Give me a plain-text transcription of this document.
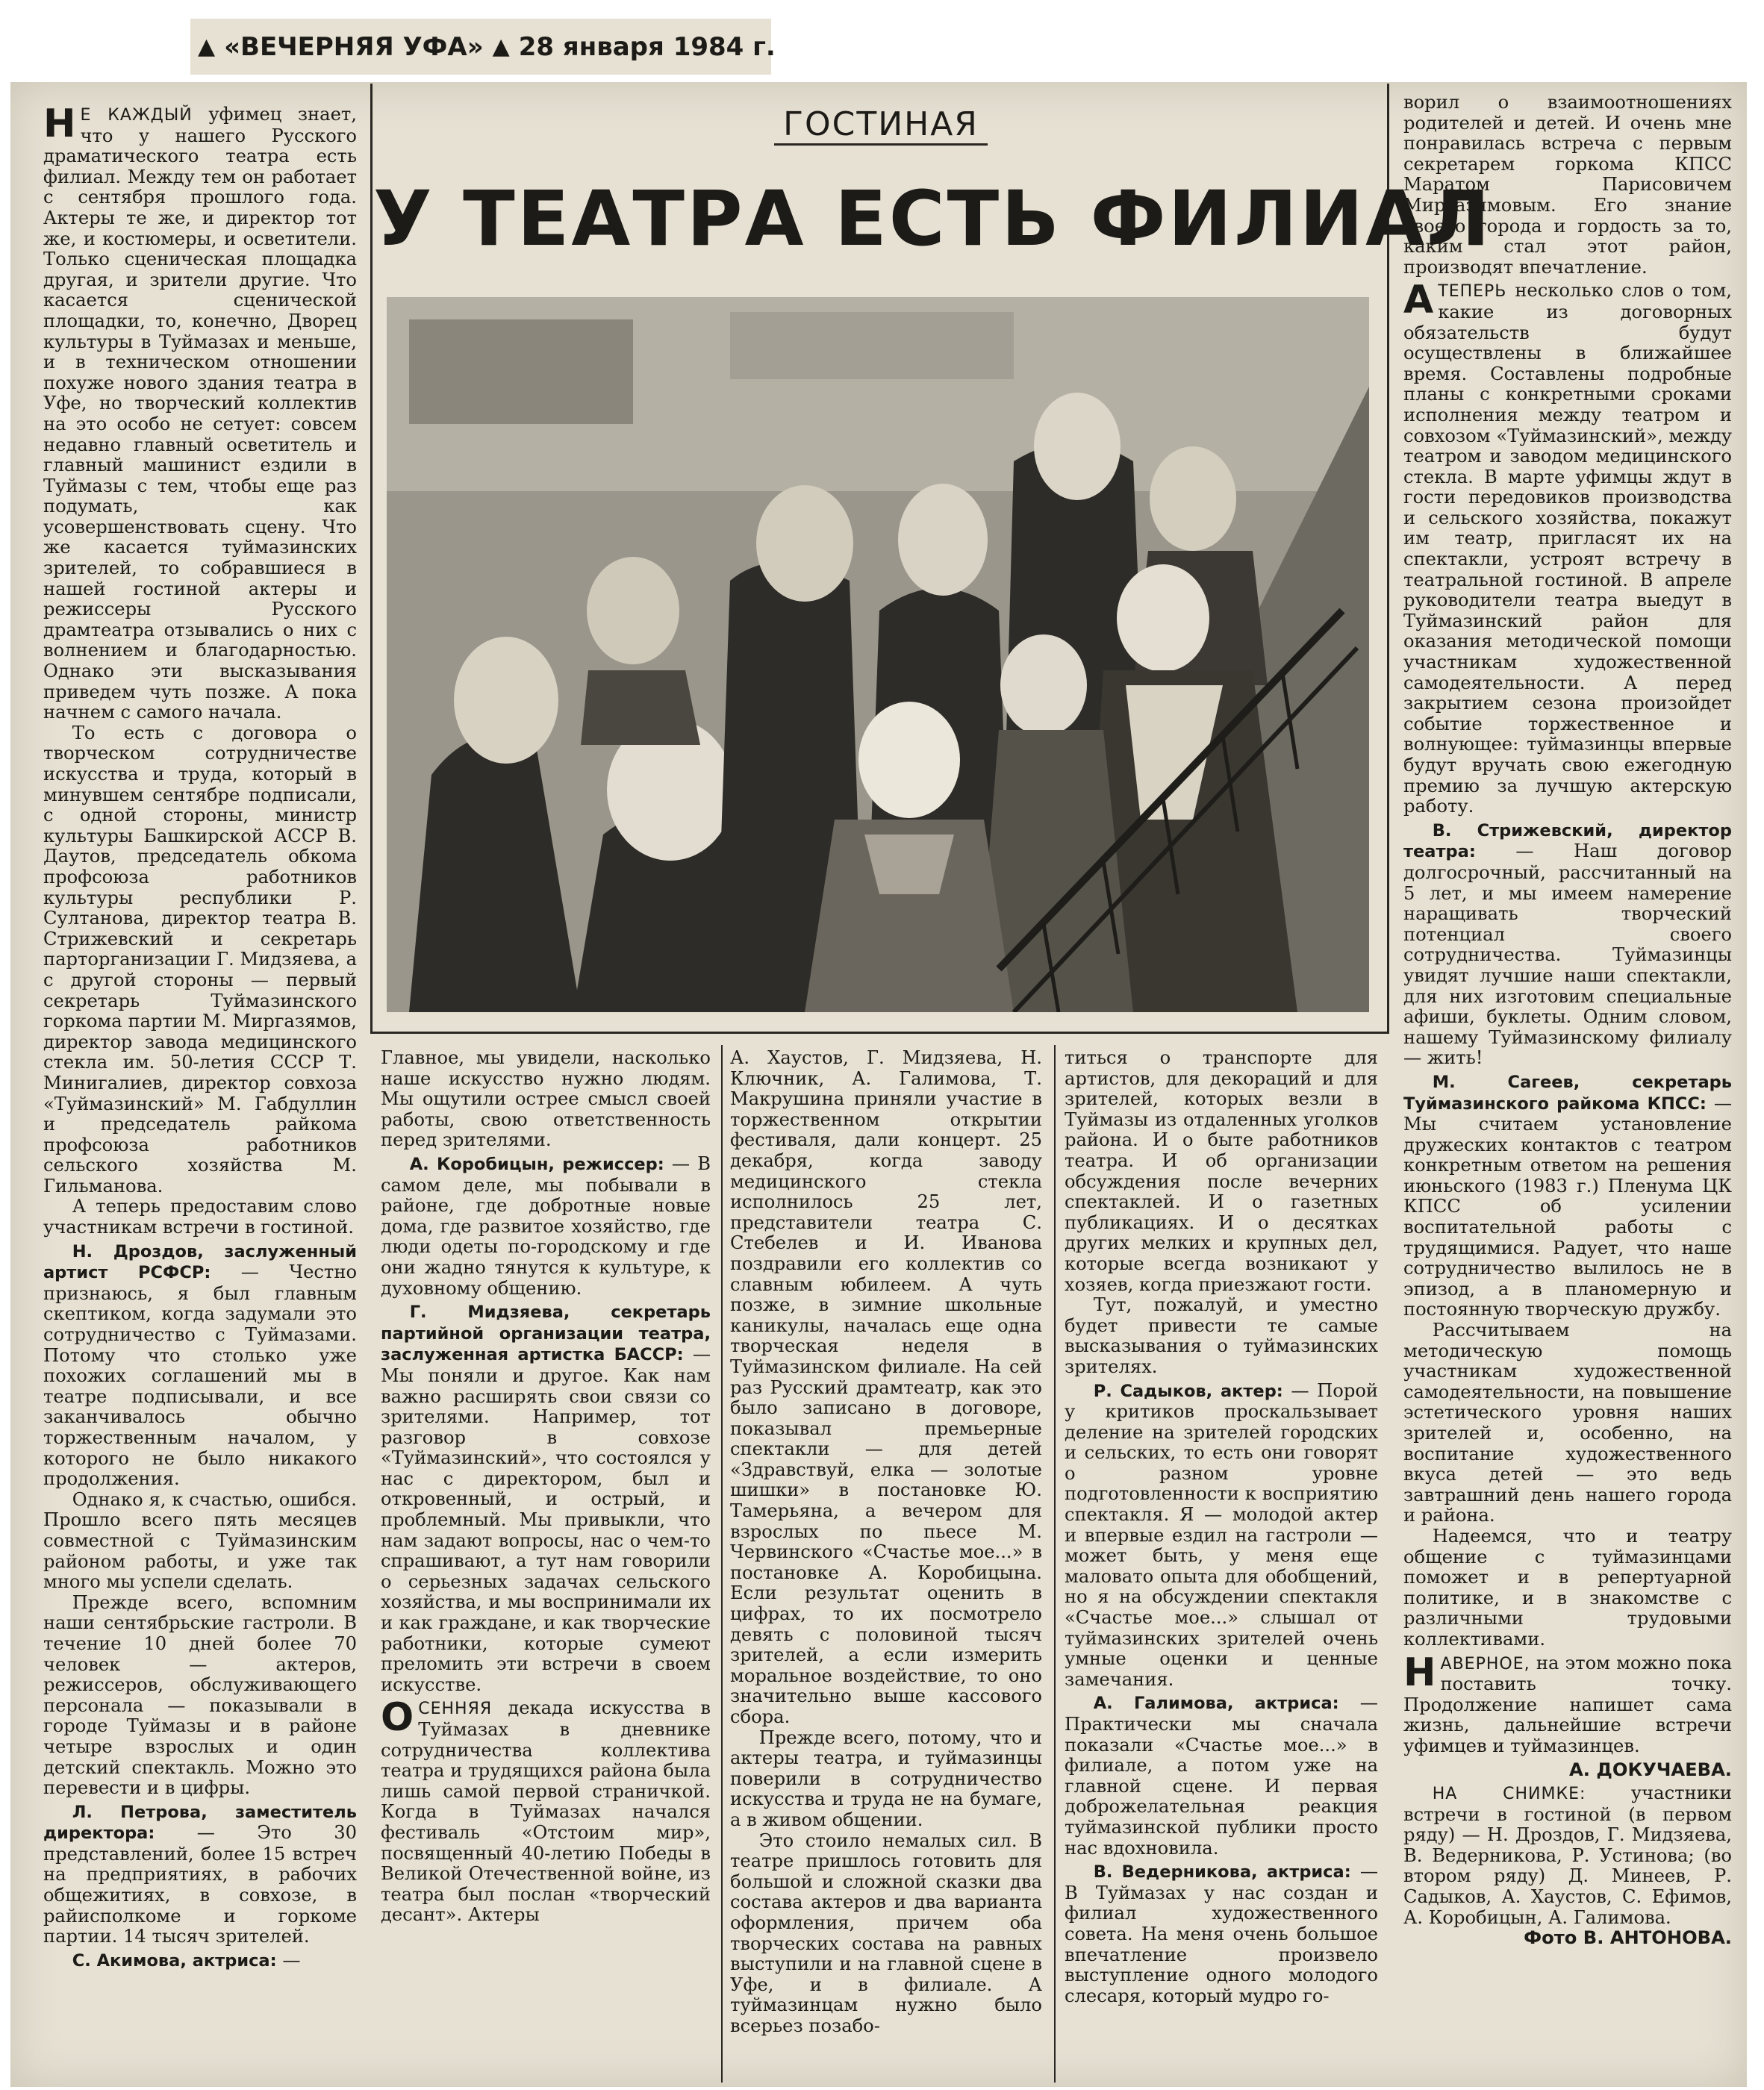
▲ «ВЕЧЕРНЯЯ УФА» ▲ 28 января 1984 г.
ГОСТИНАЯ
У ТЕАТРА ЕСТЬ ФИЛИАЛ

Н Е КАЖДЫЙ уфимец знает, что у нашего Русского драматического театра есть филиал. Между тем он работает с сентября прошлого года. Актеры те же, и директор тот же, и костюмеры, и осветители. Только сценическая площадка другая, и зрители другие. Что касается сценической площадки, то, конечно, Дворец культуры в Туймазах и меньше, и в техническом отношении похуже нового здания театра в Уфе, но творческий коллектив на это особо не сетует: совсем недавно главный осветитель и главный машинист ездили в Туймазы с тем, чтобы еще раз подумать, как усовершенствовать сцену. Что же касается туймазинских зрителей, то собравшиеся в нашей гостиной актеры и режиссеры Русского драмтеатра отзывались о них с волнением и благодарностью. Однако эти высказывания приведем чуть позже. А пока начнем с самого начала.

То есть с договора о творческом сотрудничестве искусства и труда, который в минувшем сентябре подписали, с одной стороны, министр культуры Башкирской АССР В. Даутов, председатель обкома профсоюза работников культуры республики Р. Султанова, директор театра В. Стрижевский и секретарь парторганизации Г. Мидзяева, а с другой стороны — первый секретарь Туймазинского горкома партии М. Миргазямов, директор завода медицинского стекла им. 50-летия СССР Т. Минигалиев, директор совхоза «Туймазинский» М. Габдуллин и председатель райкома профсоюза работников сельского хозяйства М. Гильманова.

А теперь предоставим слово участникам встречи в гостиной.

Н. Дроздов, заслуженный артист РСФСР: — Честно признаюсь, я был главным скептиком, когда задумали это сотрудничество с Туймазами. Потому что столько уже похожих соглашений мы в театре подписывали, и все заканчивалось обычно торжественным началом, у которого не было никакого продолжения.

Однако я, к счастью, ошибся. Прошло всего пять месяцев совместной с Туймазинским районом работы, и уже так много мы успели сделать.

Прежде всего, вспомним наши сентябрьские гастроли. В течение 10 дней более 70 человек — актеров, режиссеров, обслуживающего персонала — показывали в городе Туймазы и в районе четыре взрослых и один детский спектакль. Можно это перевести и в цифры.

Л. Петрова, заместитель директора: — Это 30 представлений, более 15 встреч на предприятиях, в рабочих общежитиях, в совхозе, в райисполкоме и горкоме партии. 14 тысяч зрителей.

С. Акимова, актриса: —

Главное, мы увидели, насколько наше искусство нужно людям. Мы ощутили острее смысл своей работы, свою ответственность перед зрителями.

А. Коробицын, режиссер: — В самом деле, мы побывали в районе, где добротные новые дома, где развитое хозяйство, где люди одеты по-городскому и где они жадно тянутся к культуре, к духовному общению.

Г. Мидзяева, секретарь партийной организации театра, заслуженная артистка БАССР: — Мы поняли и другое. Как нам важно расширять свои связи со зрителями. Например, тот разговор в совхозе «Туймазинский», что состоялся у нас с директором, был и откровенный, и острый, и проблемный. Мы привыкли, что нам задают вопросы, нас о чем-то спрашивают, а тут нам говорили о серьезных задачах сельского хозяйства, и мы воспринимали их и как граждане, и как творческие работники, которые сумеют преломить эти встречи в своем искусстве.

ОСЕННЯЯ декада искусства в Туймазах в дневнике сотрудничества коллектива театра и трудящихся района была лишь самой первой страничкой. Когда в Туймазах начался фестиваль «Отстоим мир», посвященный 40-летию Победы в Великой Отечественной войне, из театра был послан «творческий десант». Актеры

А. Хаустов, Г. Мидзяева, Н. Ключник, А. Галимова, Т. Макрушина приняли участие в торжественном открытии фестиваля, дали концерт. 25 декабря, когда заводу медицинского стекла исполнилось 25 лет, представители театра С. Стебелев и И. Иванова поздравили его коллектив со славным юбилеем. А чуть позже, в зимние школьные каникулы, началась еще одна творческая неделя в Туймазинском филиале. На сей раз Русский драмтеатр, как это было записано в договоре, показывал премьерные спектакли — для детей «Здравствуй, елка — золотые шишки» в постановке Ю. Тамерьяна, а вечером для взрослых по пьесе М. Червинского «Счастье мое...» в постановке А. Коробицына. Если результат оценить в цифрах, то их посмотрело девять с половиной тысяч зрителей, а если измерить моральное воздействие, то оно значительно выше кассового сбора.

Прежде всего, потому, что и актеры театра, и туймазинцы поверили в сотрудничество искусства и труда не на бумаге, а в живом общении.

Это стоило немалых сил. В театре пришлось готовить для большой и сложной сказки два состава актеров и два варианта оформления, причем оба творческих состава на равных выступили и на главной сцене в Уфе, и в филиале. А туймазинцам нужно было всерьез позабо-

титься о транспорте для артистов, для декораций и для зрителей, которых везли в Туймазы из отдаленных уголков района. И о быте работников театра. И об организации обсуждения после вечерних спектаклей. И о газетных публикациях. И о десятках других мелких и крупных дел, которые всегда возникают у хозяев, когда приезжают гости.

Тут, пожалуй, и уместно будет привести те самые высказывания о туймазинских зрителях.

Р. Садыков, актер: — Порой у критиков проскальзывает деление на зрителей городских и сельских, то есть они говорят о разном уровне подготовленности к восприятию спектакля. Я — молодой актер и впервые ездил на гастроли — может быть, у меня еще маловато опыта для обобщений, но я на обсуждении спектакля «Счастье мое...» слышал от туймазинских зрителей очень умные оценки и ценные замечания.

А. Галимова, актриса: — Практически мы сначала показали «Счастье мое...» в филиале, а потом уже на главной сцене. И первая доброжелательная реакция туймазинской публики просто нас вдохновила.

В. Ведерникова, актриса: — В Туймазах у нас создан и филиал художественного совета. На меня очень большое впечатление произвело выступление одного молодого слесаря, который мудро го-

ворил о взаимоотношениях родителей и детей. И очень мне понравилась встреча с первым секретарем горкома КПСС Маратом Парисовичем Миргазямовым. Его знание своего города и гордость за то, каким стал этот район, производят впечатление.

АТЕПЕРЬ несколько слов о том, какие из договорных обязательств будут осуществлены в ближайшее время. Составлены подробные планы с конкретными сроками исполнения между театром и совхозом «Туймазинский», между театром и заводом медицинского стекла. В марте уфимцы ждут в гости передовиков производства и сельского хозяйства, покажут им театр, пригласят их на спектакли, устроят встречу в театральной гостиной. В апреле руководители театра выедут в Туймазинский район для оказания методической помощи участникам художественной самодеятельности. А перед закрытием сезона произойдет событие торжественное и волнующее: туймазинцы впервые будут вручать свою ежегодную премию за лучшую актерскую работу.

В. Стрижевский, директор театра: — Наш договор долгосрочный, рассчитанный на 5 лет, и мы имеем намерение наращивать творческий потенциал своего сотрудничества. Туймазинцы увидят лучшие наши спектакли, для них изготовим специальные афиши, буклеты. Одним словом, нашему Туймазинскому филиалу — жить!

М. Сагеев, секретарь Туймазинского райкома КПСС: — Мы считаем установление дружеских контактов с театром конкретным ответом на решения июньского (1983 г.) Пленума ЦК КПСС об усилении воспитательной работы с трудящимися. Радует, что наше сотрудничество вылилось не в эпизод, а в планомерную и постоянную творческую дружбу.

Рассчитываем на методическую помощь участникам художественной самодеятельности, на повышение эстетического уровня наших зрителей и, особенно, на воспитание художественного вкуса детей — это ведь завтрашний день нашего города и района.

Надеемся, что и театру общение с туймазинцами поможет и в репертуарной политике, и в знакомстве с различными трудовыми коллективами.

НАВЕРНОЕ, на этом можно пока поставить точку. Продолжение напишет сама жизнь, дальнейшие встречи уфимцев и туймазинцев.

А. ДОКУЧАЕВА.

НА СНИМКЕ:	участники встречи в гостиной (в первом ряду) — Н. Дроздов, Г. Мидзяева, В. Ведерникова, Р. Устинова; (во втором ряду) Д. Минеев, Р. Садыков, А. Хаустов, С. Ефимов, А. Коробицын, А. Галимова.

Фото В. АНТОНОВА.
